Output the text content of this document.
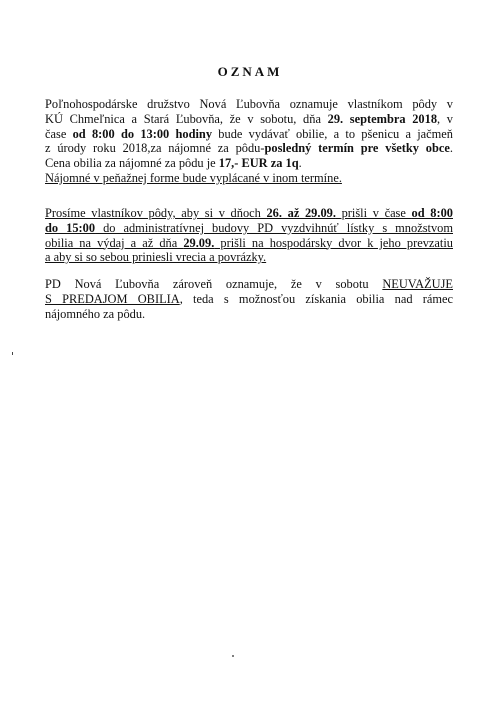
OZNAM
Poľnohospodárske družstvo Nová Ľubovňa oznamuje vlastníkom pôdy v
KÚ Chmeľnica a Stará Ľubovňa, že v sobotu, dňa 29. septembra 2018, v
čase od 8:00 do 13:00 hodiny bude vydávať obilie, a to pšenicu a jačmeň
z úrody roku 2018,za nájomné za pôdu-posledný termín pre všetky obce.
Cena obilia za nájomné za pôdu je 17,- EUR za 1q.
Nájomné v peňažnej forme bude vyplácané v inom termíne.
Prosíme vlastníkov pôdy, aby si v dňoch 26. až 29.09. prišli v čase od 8:00
do 15:00 do administratívnej budovy PD vyzdvihnúť lístky s množstvom
obilia na výdaj a až dňa 29.09. prišli na hospodársky dvor k jeho prevzatiu
a aby si so sebou priniesli vrecia a povrázky.
PD Nová Ľubovňa zároveň oznamuje, že v sobotu NEUVAŽUJE
S PREDAJOM OBILIA, teda s možnosťou získania obilia nad rámec
nájomného za pôdu.
